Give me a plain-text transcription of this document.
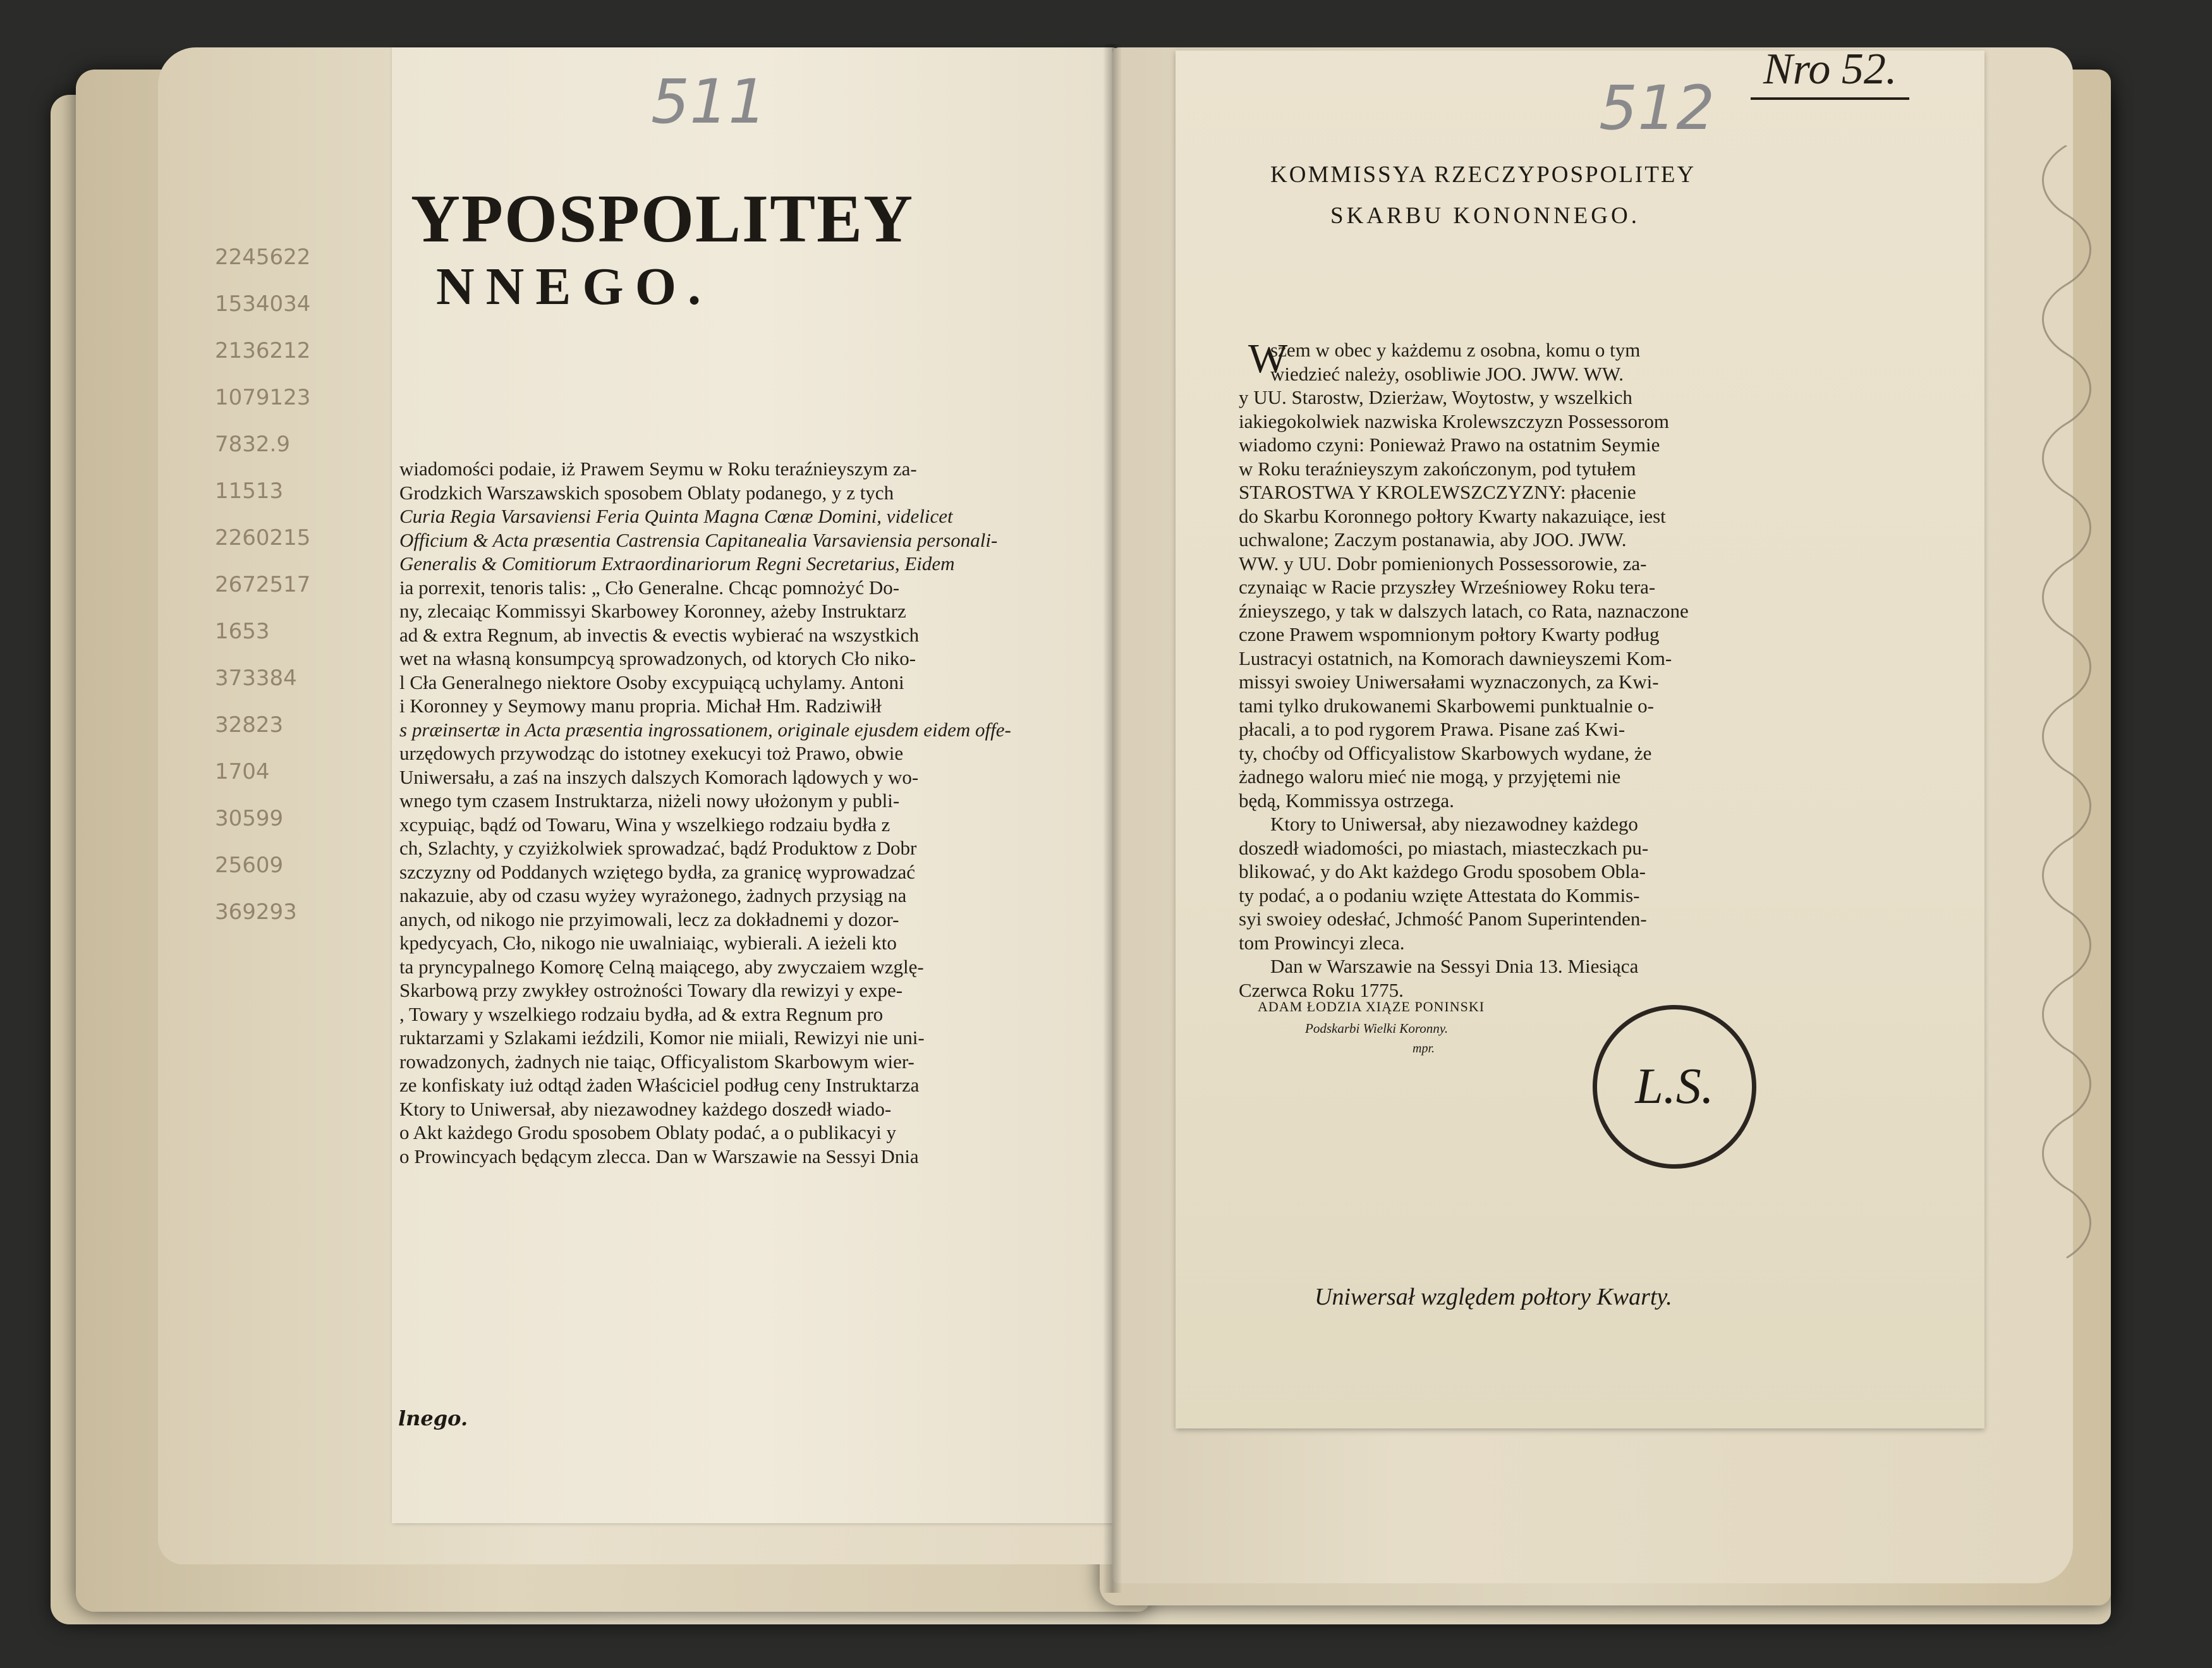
2245622
1534034
2136212
1079123
7832.9
11513
2260215
2672517
1653
373384
32823
1704
30599
25609
369293
511
YPOSPOLITEY
NNEGO.
wiadomości podaie, iż Prawem Seymu w Roku teraźnieyszym za-
Grodzkich Warszawskich sposobem Oblaty podanego, y z tych
Curia Regia Varsaviensi Feria Quinta Magna Cœnæ Domini, videlicet
Officium & Acta præsentia Castrensia Capitanealia Varsaviensia personali-
Generalis & Comitiorum Extraordinariorum Regni Secretarius, Eidem
ia porrexit, tenoris talis: „ Cło Generalne. Chcąc pomnożyć Do-
ny, zlecaiąc Kommissyi Skarbowey Koronney, ażeby Instruktarz
ad & extra Regnum, ab invectis & evectis wybierać na wszystkich
wet na własną konsumpcyą sprowadzonych, od ktorych Cło niko-
l Cła Generalnego niektore Osoby excypuiącą uchylamy. Antoni
i Koronney y Seymowy manu propria. Michał Hm. Radziwiłł
s præinsertæ in Acta præsentia ingrossationem, originale ejusdem eidem offe-
urzędowych przywodząc do istotney exekucyi toż Prawo, obwie
Uniwersału, a zaś na inszych dalszych Komorach lądowych y wo-
wnego tym czasem Instruktarza, niżeli nowy ułożonym y publi-
xcypuiąc, bądź od Towaru, Wina y wszelkiego rodzaiu bydła z
ch, Szlachty, y czyiżkolwiek sprowadzać, bądź Produktow z Dobr
szczyzny od Poddanych wziętego bydła, za granicę wyprowadzać
nakazuie, aby od czasu wyżey wyrażonego, żadnych przysiąg na
anych, od nikogo nie przyimowali, lecz za dokładnemi y dozor-
kpedycyach, Cło, nikogo nie uwalniaiąc, wybierali. A ieżeli kto
ta pryncypalnego Komorę Celną maiącego, aby zwyczaiem wzglę-
Skarbową przy zwykłey ostrożności Towary dla rewizyi y expe-
, Towary y wszelkiego rodzaiu bydła, ad & extra Regnum pro
ruktarzami y Szlakami ieździli, Komor nie miiali, Rewizyi nie uni-
rowadzonych, żadnych nie taiąc, Officyalistom Skarbowym wier-
ze konfiskaty iuż odtąd żaden Właściciel podług ceny Instruktarza
Ktory to Uniwersał, aby niezawodney każdego doszedł wiado-
o Akt każdego Grodu sposobem Oblaty podać, a o publikacyi y
o Prowincyach będącym zlecca. Dan w Warszawie na Sessyi Dnia
lnego.
512
KOMMISSYA RZECZYPOSPOLITEY
SKARBU KONONNEGO.
W
szem w obec y każdemu z osobna, komu o tym
wiedzieć należy, osobliwie JOO. JWW. WW.
y UU. Starostw, Dzierżaw, Woytostw, y wszelkich
iakiegokolwiek nazwiska Krolewszczyzn Possessorom
wiadomo czyni: Ponieważ Prawo na ostatnim Seymie
w Roku teraźnieyszym zakończonym, pod tytułem
STAROSTWA Y KROLEWSZCZYZNY: płacenie
do Skarbu Koronnego połtory Kwarty nakazuiące, iest
uchwalone; Zaczym postanawia, aby JOO. JWW.
WW. y UU. Dobr pomienionych Possessorowie, za-
czynaiąc w Racie przyszłey Wrześniowey Roku tera-
źnieyszego, y tak w dalszych latach, co Rata, naznaczone
czone Prawem wspomnionym połtory Kwarty podług
Lustracyi ostatnich, na Komorach dawnieyszemi Kom-
missyi swoiey Uniwersałami wyznaczonych, za Kwi-
tami tylko drukowanemi Skarbowemi punktualnie o-
płacali, a to pod rygorem Prawa. Pisane zaś Kwi-
ty, choćby od Officyalistow Skarbowych wydane, że
żadnego waloru mieć nie mogą, y przyjętemi nie
będą, Kommissya ostrzega.
Ktory to Uniwersał, aby niezawodney każdego
doszedł wiadomości, po miastach, miasteczkach pu-
blikować, y do Akt każdego Grodu sposobem Obla-
ty podać, a o podaniu wzięte Attestata do Kommis-
syi swoiey odesłać, Jchmość Panom Superintenden-
tom Prowincyi zleca.
Dan w Warszawie na Sessyi Dnia 13. Miesiąca
Czerwca Roku 1775.
ADAM ŁODZIA XIĄZE PONINSKI
Podskarbi Wielki Koronny.
mpr.
L.S.
Uniwersał względem połtory Kwarty.
Nro 52.
